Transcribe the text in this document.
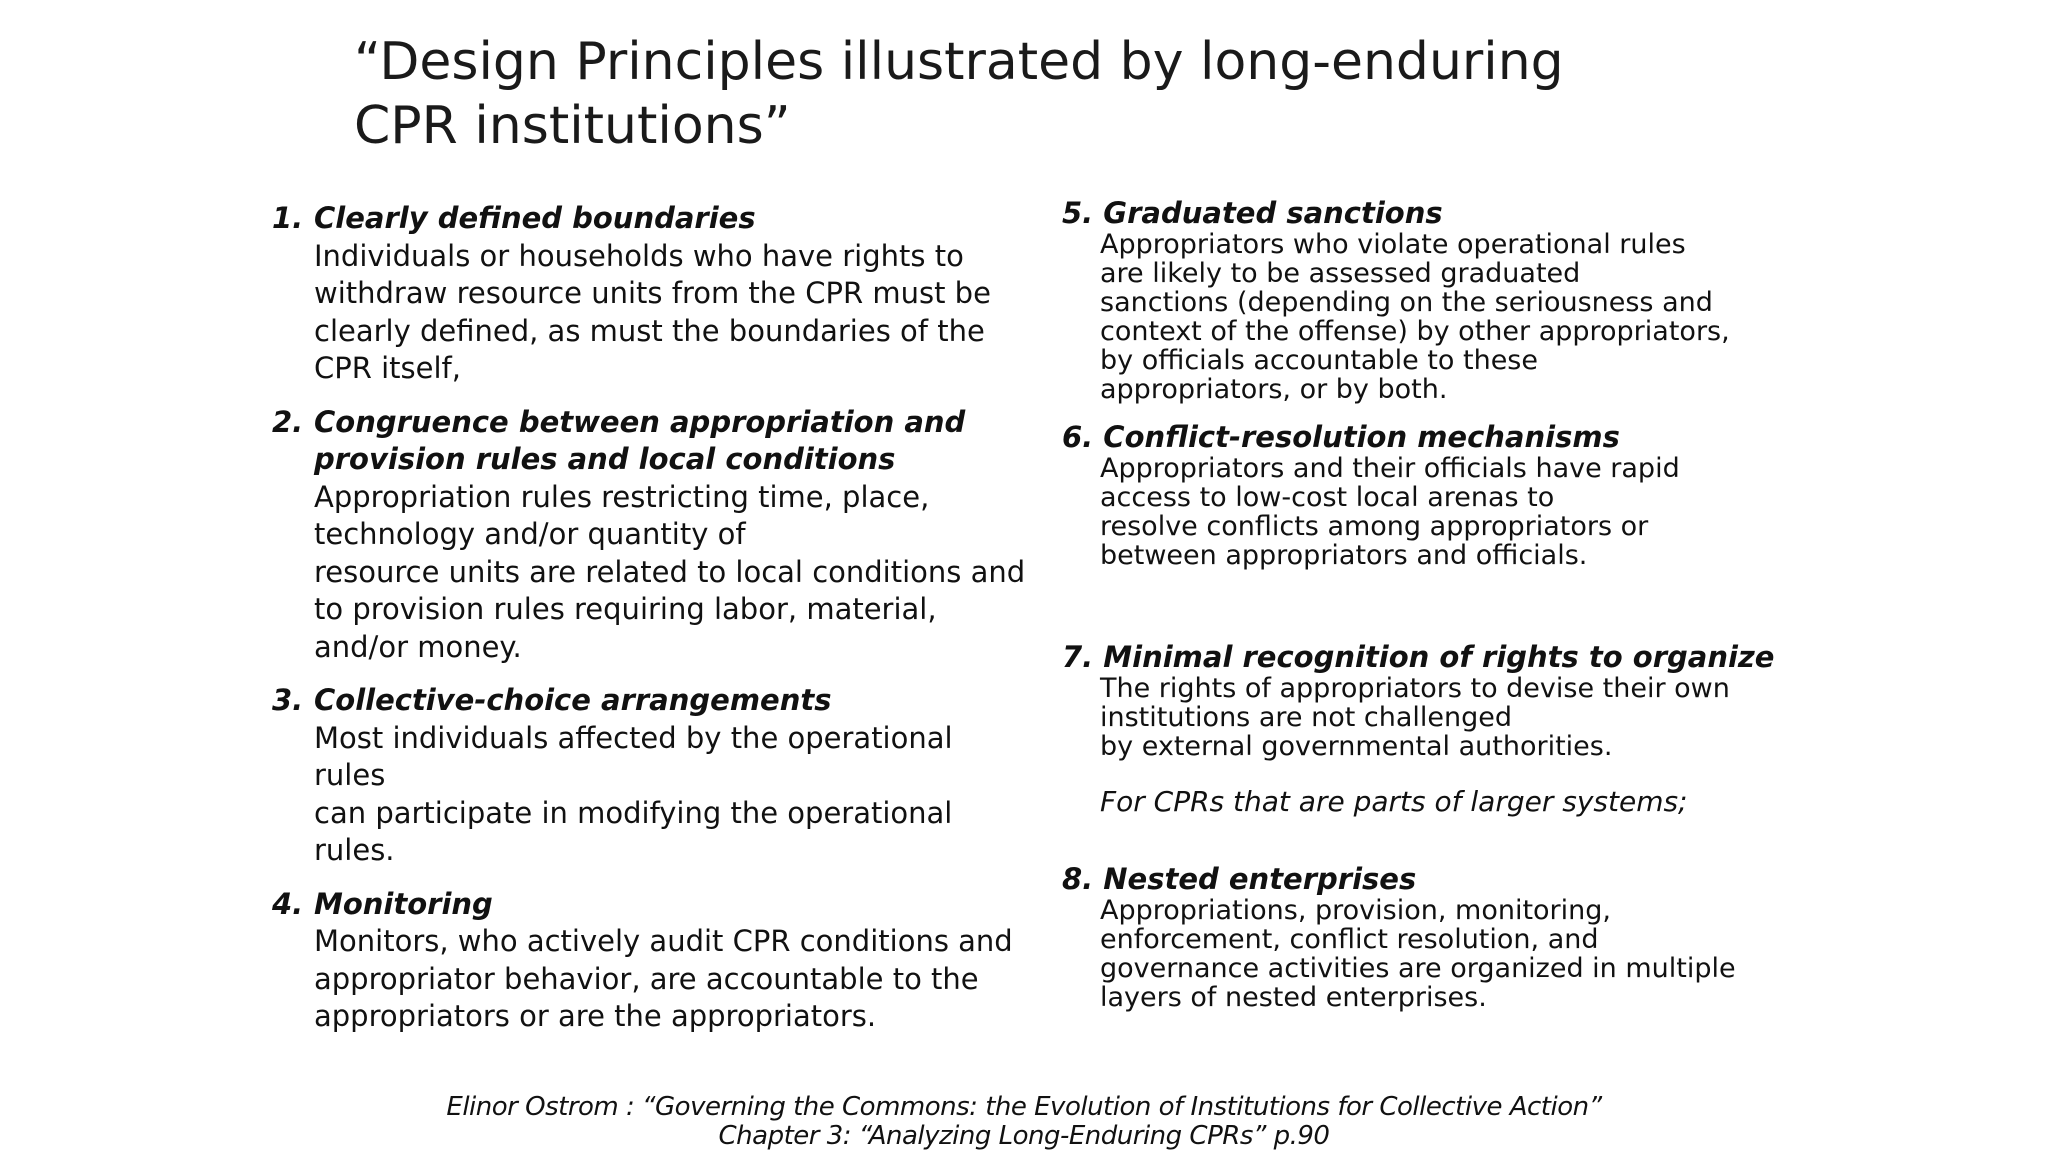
“Design Principles illustrated by long-enduring CPR institutions”
1. Clearly defined boundaries
Individuals or households who have rights to
withdraw resource units from the CPR must be
clearly defined, as must the boundaries of the
CPR itself,
2. Congruence between appropriation and
provision rules and local conditions
Appropriation rules restricting time, place,
technology and/or quantity of
resource units are related to local conditions and
to provision rules requiring labor, material,
and/or money.
3. Collective-choice arrangements
Most individuals affected by the operational rules
can participate in modifying the operational
rules.
4. Monitoring
Monitors, who actively audit CPR conditions and
appropriator behavior, are accountable to the
appropriators or are the appropriators.
5. Graduated sanctions
Appropriators who violate operational rules
are likely to be assessed graduated
sanctions (depending on the seriousness and
context of the offense) by other appropriators,
by officials accountable to these
appropriators, or by both.
6. Conflict-resolution mechanisms
Appropriators and their officials have rapid
access to low-cost local arenas to
resolve conflicts among appropriators or
between appropriators and officials.
7. Minimal recognition of rights to organize
The rights of appropriators to devise their own
institutions are not challenged
by external governmental authorities.
For CPRs that are parts of larger systems;
8. Nested enterprises
Appropriations, provision, monitoring,
enforcement, conflict resolution, and
governance activities are organized in multiple
layers of nested enterprises.
Elinor Ostrom : “Governing the Commons: the Evolution of Institutions for Collective Action”
Chapter 3: “Analyzing Long-Enduring CPRs” p.90
